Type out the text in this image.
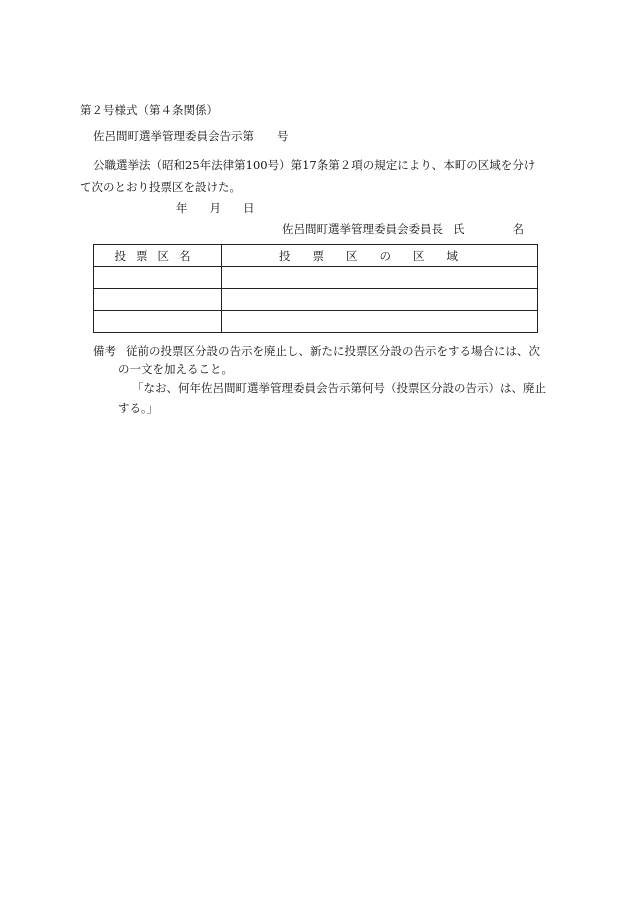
第２号様式（第４条関係）
佐呂間町選挙管理委員会告示第　　号
公職選挙法（昭和25年法律第100号）第17条第２項の規定により、本町の区域を分け
て次のとおり投票区を設けた。
年 月 日
佐呂間町選挙管理委員会委員長 氏	名
投票区名	投票区の区域

備考 従前の投票区分設の告示を廃止し、新たに投票区分設の告示をする場合には、次
の一文を加えること。
「なお、何年佐呂間町選挙管理委員会告示第何号（投票区分設の告示）は、廃止
する。」
